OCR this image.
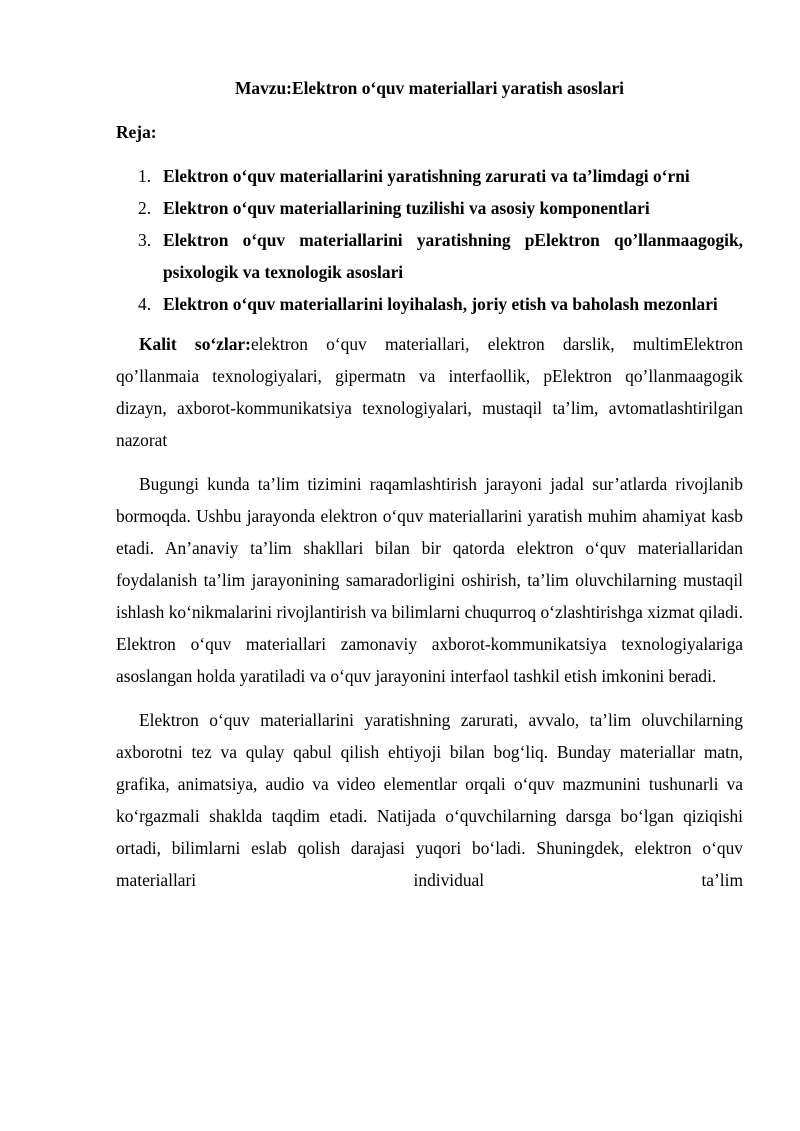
Mavzu:Elektron o‘quv materiallari yaratish asoslari
Reja:
1. Elektron o‘quv materiallarini yaratishning zarurati va ta’limdagi o‘rni
2. Elektron o‘quv materiallarining tuzilishi va asosiy komponentlari
3. Elektron o‘quv materiallarini yaratishning pElektron qo’llanmaagogik, psixologik va texnologik asoslari
4. Elektron o‘quv materiallarini loyihalash, joriy etish va baholash mezonlari

Kalit so‘zlar:elektron o‘quv materiallari, elektron darslik, multimElektron qo’llanmaia texnologiyalari, gipermatn va interfaollik, pElektron qo’llanmaagogik dizayn, axborot-kommunikatsiya texnologiyalari, mustaqil ta’lim, avtomatlashtirilgan nazorat

Bugungi kunda ta’lim tizimini raqamlashtirish jarayoni jadal sur’atlarda rivojlanib bormoqda. Ushbu jarayonda elektron o‘quv materiallarini yaratish muhim ahamiyat kasb etadi. An’anaviy ta’lim shakllari bilan bir qatorda elektron o‘quv materiallaridan foydalanish ta’lim jarayonining samaradorligini oshirish, ta’lim oluvchilarning mustaqil ishlash ko‘nikmalarini rivojlantirish va bilimlarni chuqurroq o‘zlashtirishga xizmat qiladi. Elektron o‘quv materiallari zamonaviy axborot-kommunikatsiya texnologiyalariga asoslangan holda yaratiladi va o‘quv jarayonini interfaol tashkil etish imkonini beradi.

Elektron o‘quv materiallarini yaratishning zarurati, avvalo, ta’lim oluvchilarning axborotni tez va qulay qabul qilish ehtiyoji bilan bog‘liq. Bunday materiallar matn, grafika, animatsiya, audio va video elementlar orqali o‘quv mazmunini tushunarli va ko‘rgazmali shaklda taqdim etadi. Natijada o‘quvchilarning darsga bo‘lgan qiziqishi ortadi, bilimlarni eslab qolish darajasi yuqori bo‘ladi. Shuningdek, elektron o‘quv materiallari individual ta’lim
